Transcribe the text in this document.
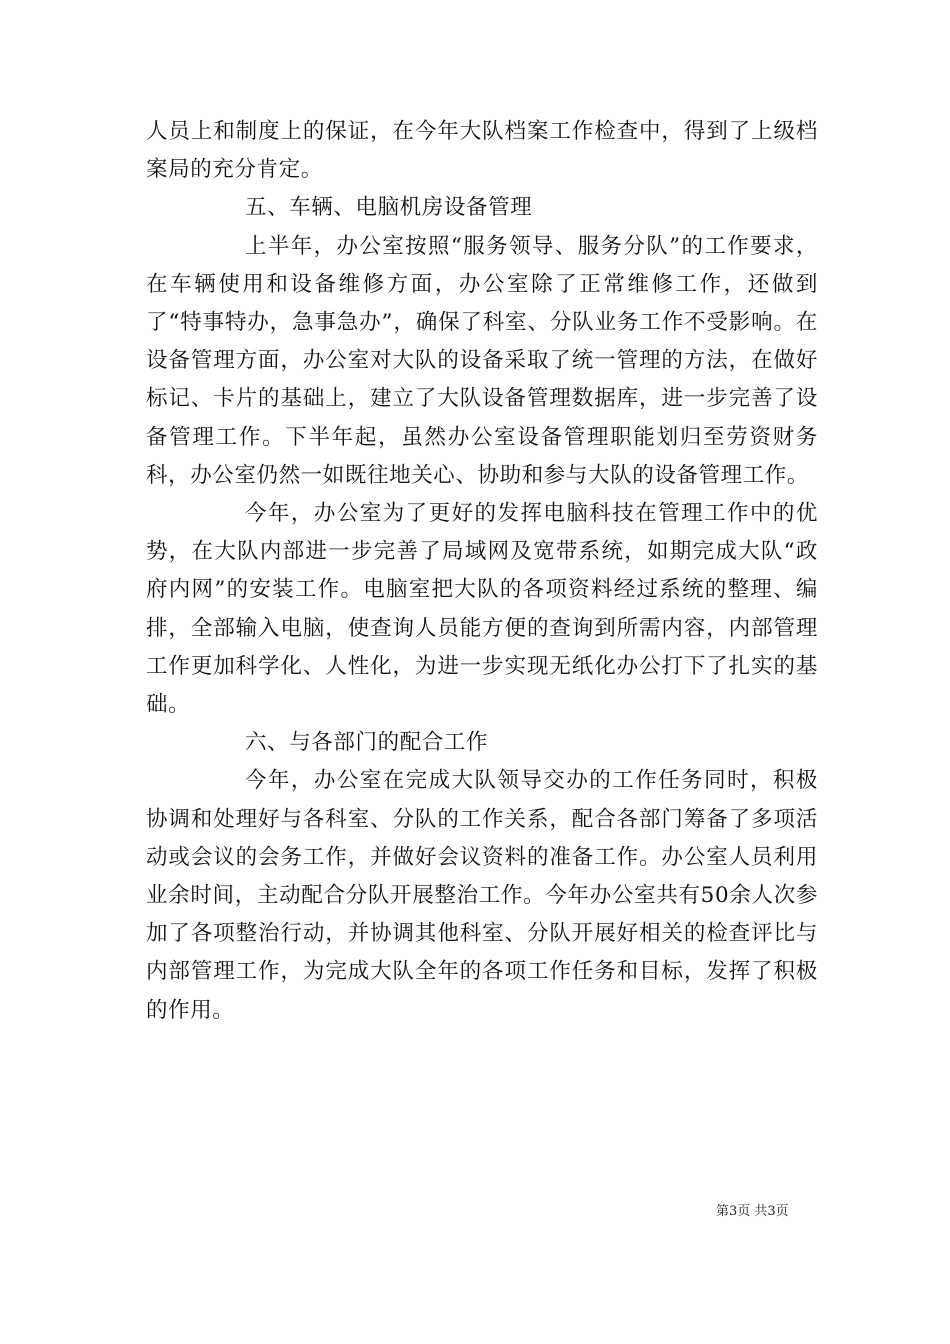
人员上和制度上的保证，在今年大队档案工作检查中，得到了上级档案局的充分肯定。

五、车辆、电脑机房设备管理

上半年，办公室按照“服务领导、服务分队”的工作要求，在车辆使用和设备维修方面，办公室除了正常维修工作，还做到了“特事特办，急事急办”，确保了科室、分队业务工作不受影响。在设备管理方面，办公室对大队的设备采取了统一管理的方法，在做好标记、卡片的基础上，建立了大队设备管理数据库，进一步完善了设备管理工作。下半年起，虽然办公室设备管理职能划归至劳资财务科，办公室仍然一如既往地关心、协助和参与大队的设备管理工作。

今年，办公室为了更好的发挥电脑科技在管理工作中的优势，在大队内部进一步完善了局域网及宽带系统，如期完成大队“政府内网”的安装工作。电脑室把大队的各项资料经过系统的整理、编排，全部输入电脑，使查询人员能方便的查询到所需内容，内部管理工作更加科学化、人性化，为进一步实现无纸化办公打下了扎实的基础。

六、与各部门的配合工作

今年，办公室在完成大队领导交办的工作任务同时，积极协调和处理好与各科室、分队的工作关系，配合各部门筹备了多项活动或会议的会务工作，并做好会议资料的准备工作。办公室人员利用业余时间，主动配合分队开展整治工作。今年办公室共有50余人次参加了各项整治行动，并协调其他科室、分队开展好相关的检查评比与内部管理工作，为完成大队全年的各项工作任务和目标，发挥了积极的作用。

第3页 共3页
